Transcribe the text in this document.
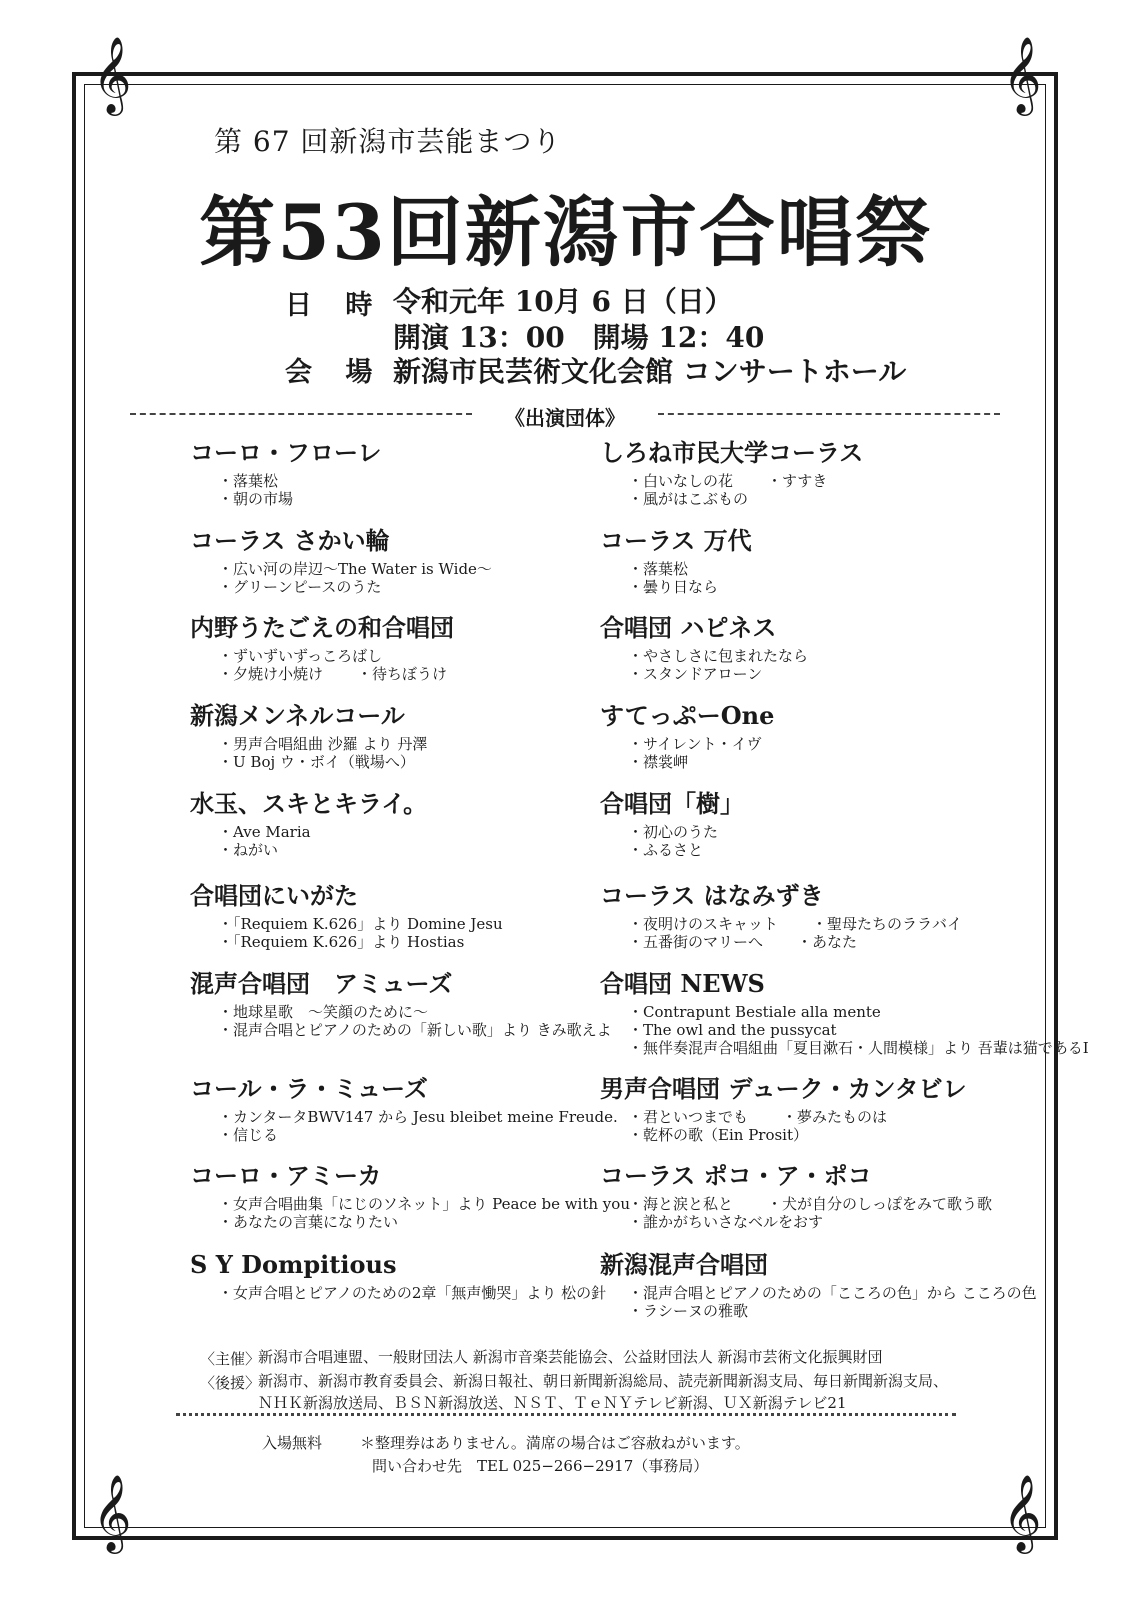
𝄞	𝄞
𝄞	𝄞
第 67 回新潟市芸能まつり
第53回新潟市合唱祭
日 時 令和元年 10月 6 日（日）
開演 13：00　開場 12：40
会 場 新潟市民芸術文化会館 コンサートホール
《出演団体》
コーロ・フローレ
・ 落葉松
・ 朝の市場
コーラス さかい輪
・ 広い河の岸辺〜The Water is Wide〜
・ グリーンピースのうた
内野うたごえの和合唱団
・ ずいずいずっころばし
・ 夕焼け小焼け	・ 待ちぼうけ
新潟メンネルコール
・ 男声合唱組曲 沙羅 より 丹澤
・ U Boj ウ・ボイ（戦場へ）
水玉、スキとキライ。
・ Ave Maria
・ ねがい
合唱団にいがた
・ 「Requiem K.626」より Domine Jesu
・ 「Requiem K.626」より Hostias
混声合唱団　アミューズ
・ 地球星歌　〜笑顔のために〜
・ 混声合唱とピアノのための「新しい歌」より きみ歌えよ
コール・ラ・ミューズ
・ カンタータBWV147 から Jesu bleibet meine Freude.
・ 信じる
コーロ・アミーカ
・ 女声合唱曲集「にじのソネット」より Peace be with you
・ あなたの言葉になりたい
S Y Dompitious
・ 女声合唱とピアノのための2章「無声慟哭」より 松の針
しろね市民大学コーラス
・ 白いなしの花	・ すすき
・ 風がはこぶもの
コーラス 万代
・ 落葉松
・ 曇り日なら
合唱団 ハピネス
・ やさしさに包まれたなら
・ スタンドアローン
すてっぷーOne
・ サイレント・イヴ
・ 襟裳岬
合唱団「樹」
・ 初心のうた
・ ふるさと
コーラス はなみずき
・ 夜明けのスキャット	・ 聖母たちのララバイ
・ 五番街のマリーへ	・ あなた
合唱団 NEWS
・ Contrapunt Bestiale alla mente
・ The owl and the pussycat
・ 無伴奏混声合唱組曲「夏目漱石・人間模様」より 吾輩は猫であるⅠ
男声合唱団 デューク・カンタビレ
・ 君といつまでも	・ 夢みたものは
・ 乾杯の歌（Ein Prosit）
コーラス ポコ・ア・ポコ
・ 海と涙と私と	・ 犬が自分のしっぽをみて歌う歌
・ 誰かがちいさなベルをおす
新潟混声合唱団
・ 混声合唱とピアノのための「こころの色」から こころの色
・ ラシーヌの雅歌
〈主催〉
新潟市合唱連盟、一般財団法人 新潟市音楽芸能協会、公益財団法人 新潟市芸術文化振興財団
〈後援〉
新潟市、新潟市教育委員会、新潟日報社、朝日新聞新潟総局、読売新聞新潟支局、毎日新聞新潟支局、
ＮＨＫ新潟放送局、ＢＳＮ新潟放送、ＮＳＴ、ＴｅＮＹテレビ新潟、ＵＸ新潟テレビ21
入場無料	＊整理券はありません。満席の場合はご容赦ねがいます。
問い合わせ先　TEL 025−266−2917（事務局）
